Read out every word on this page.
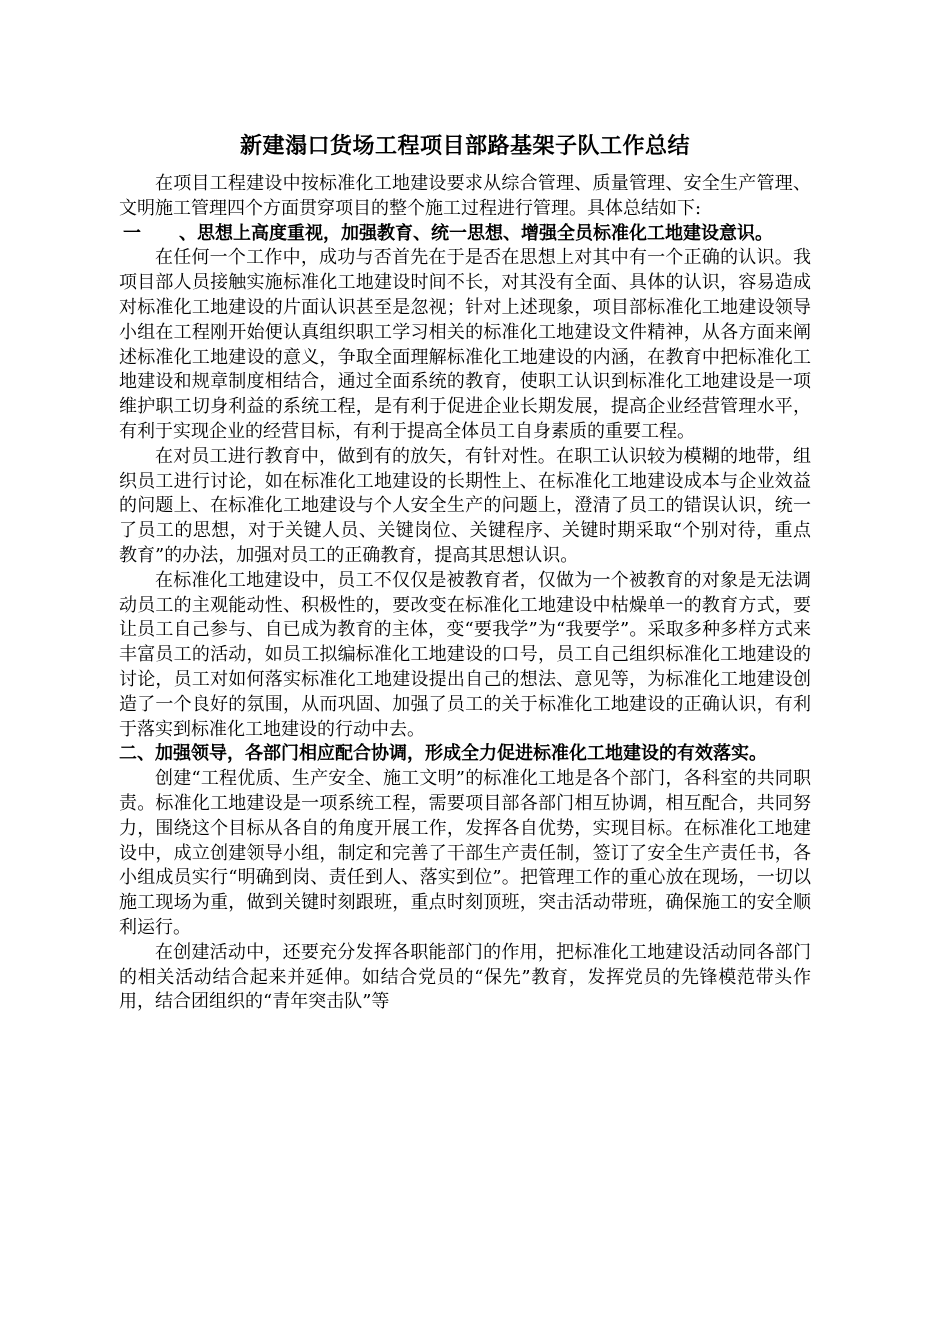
新建溻口货场工程项目部路基架子队工作总结

在项目工程建设中按标准化工地建设要求从综合管理、质量管理、安全生产管理、文明施工管理四个方面贯穿项目的整个施工过程进行管理。具体总结如下:

一 、思想上高度重视，加强教育、统一思想、增强全员标准化工地建设意识。

在任何一个工作中，成功与否首先在于是否在思想上对其中有一个正确的认识。我项目部人员接触实施标准化工地建设时间不长，对其没有全面、具体的认识，容易造成对标准化工地建设的片面认识甚至是忽视；针对上述现象，项目部标准化工地建设领导小组在工程刚开始便认真组织职工学习相关的标准化工地建设文件精神，从各方面来阐述标准化工地建设的意义，争取全面理解标准化工地建设的内涵，在教育中把标准化工地建设和规章制度相结合，通过全面系统的教育，使职工认识到标准化工地建设是一项维护职工切身利益的系统工程，是有利于促进企业长期发展，提高企业经营管理水平，有利于实现企业的经营目标，有利于提高全体员工自身素质的重要工程。

在对员工进行教育中，做到有的放矢，有针对性。在职工认识较为模糊的地带，组织员工进行讨论，如在标准化工地建设的长期性上、在标准化工地建设成本与企业效益的问题上、在标准化工地建设与个人安全生产的问题上，澄清了员工的错误认识，统一了员工的思想，对于关键人员、关键岗位、关键程序、关键时期采取“个别对待，重点教育”的办法，加强对员工的正确教育，提高其思想认识。

在标准化工地建设中，员工不仅仅是被教育者，仅做为一个被教育的对象是无法调动员工的主观能动性、积极性的，要改变在标准化工地建设中枯燥单一的教育方式，要让员工自己参与、自已成为教育的主体，变“要我学”为“我要学”。采取多种多样方式来丰富员工的活动，如员工拟编标准化工地建设的口号，员工自己组织标准化工地建设的讨论，员工对如何落实标准化工地建设提出自己的想法、意见等，为标准化工地建设创造了一个良好的氛围，从而巩固、加强了员工的关于标准化工地建设的正确认识，有利于落实到标准化工地建设的行动中去。

二、加强领导，各部门相应配合协调，形成全力促进标准化工地建设的有效落实。

创建“工程优质、生产安全、施工文明”的标准化工地是各个部门，各科室的共同职责。标准化工地建设是一项系统工程，需要项目部各部门相互协调，相互配合，共同努力，围绕这个目标从各自的角度开展工作，发挥各自优势，实现目标。在标准化工地建设中，成立创建领导小组，制定和完善了干部生产责任制，签订了安全生产责任书，各小组成员实行“明确到岗、责任到人、落实到位”。把管理工作的重心放在现场，一切以施工现场为重，做到关键时刻跟班，重点时刻顶班，突击活动带班，确保施工的安全顺利运行。

在创建活动中，还要充分发挥各职能部门的作用，把标准化工地建设活动同各部门的相关活动结合起来并延伸。如结合党员的“保先”教育，发挥党员的先锋模范带头作用，结合团组织的“青年突击队”等
